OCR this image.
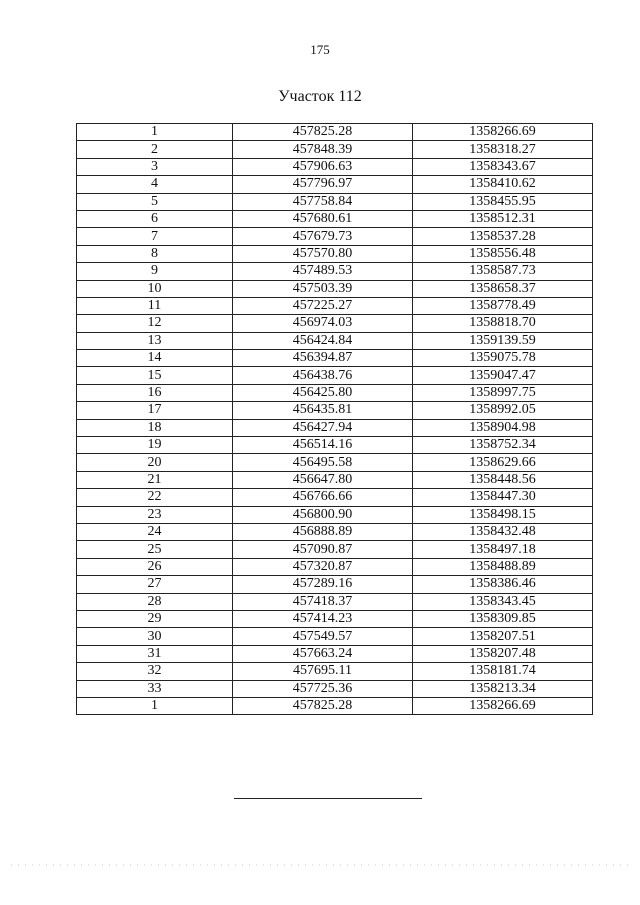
175
Участок 112
1	457825.28	1358266.69
2	457848.39	1358318.27
3	457906.63	1358343.67
4	457796.97	1358410.62
5	457758.84	1358455.95
6	457680.61	1358512.31
7	457679.73	1358537.28
8	457570.80	1358556.48
9	457489.53	1358587.73
10	457503.39	1358658.37
11	457225.27	1358778.49
12	456974.03	1358818.70
13	456424.84	1359139.59
14	456394.87	1359075.78
15	456438.76	1359047.47
16	456425.80	1358997.75
17	456435.81	1358992.05
18	456427.94	1358904.98
19	456514.16	1358752.34
20	456495.58	1358629.66
21	456647.80	1358448.56
22	456766.66	1358447.30
23	456800.90	1358498.15
24	456888.89	1358432.48
25	457090.87	1358497.18
26	457320.87	1358488.89
27	457289.16	1358386.46
28	457418.37	1358343.45
29	457414.23	1358309.85
30	457549.57	1358207.51
31	457663.24	1358207.48
32	457695.11	1358181.74
33	457725.36	1358213.34
1	457825.28	1358266.69
